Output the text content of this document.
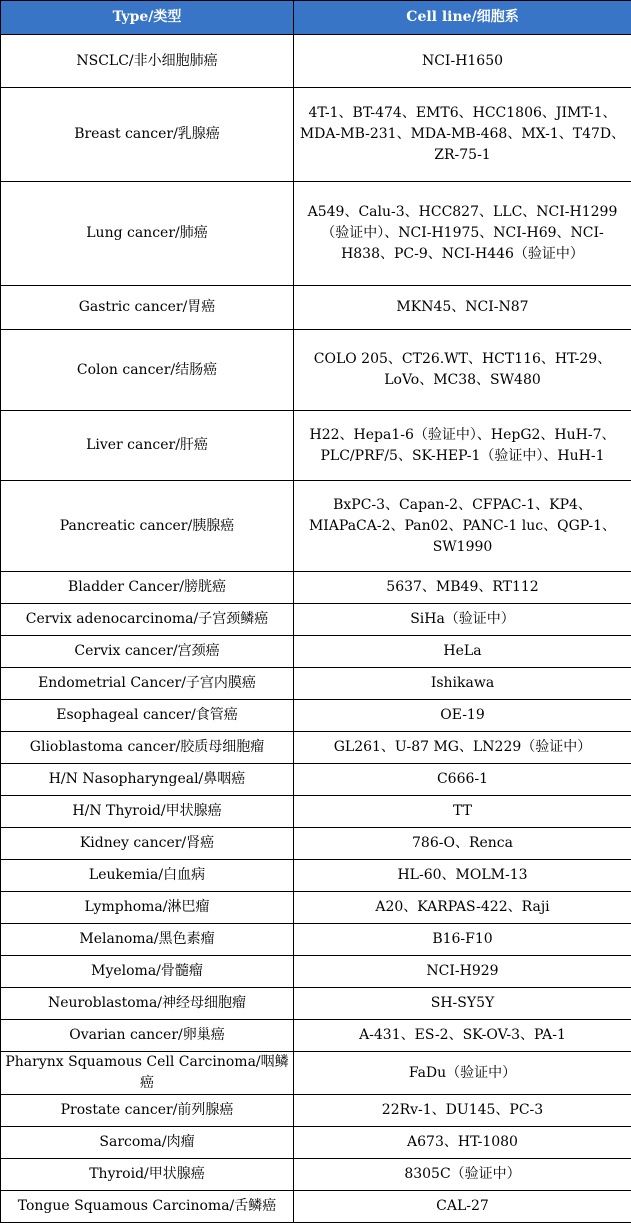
Type/类型	Cell line/细胞系
NSCLC/非小细胞肺癌	NCI-H1650
Breast cancer/乳腺癌	4T-1、BT-474、EMT6、HCC1806、JIMT-1、MDA-MB-231、MDA-MB-468、MX-1、T47D、ZR-75-1
Lung cancer/肺癌	A549、Calu-3、HCC827、LLC、NCI-H1299（验证中）、NCI-H1975、NCI-H69、NCI-H838、PC-9、NCI-H446（验证中）
Gastric cancer/胃癌	MKN45、NCI-N87
Colon cancer/结肠癌	COLO 205、CT26.WT、HCT116、HT-29、LoVo、MC38、SW480
Liver cancer/肝癌	H22、Hepa1-6（验证中）、HepG2、HuH-7、PLC/PRF/5、SK-HEP-1（验证中）、HuH-1
Pancreatic cancer/胰腺癌	BxPC-3、Capan-2、CFPAC-1、KP4、MIAPaCA-2、Pan02、PANC-1 luc、QGP-1、SW1990
Bladder Cancer/膀胱癌	5637、MB49、RT112
Cervix adenocarcinoma/子宫颈鳞癌	SiHa（验证中）
Cervix cancer/宫颈癌	HeLa
Endometrial Cancer/子宫内膜癌	Ishikawa
Esophageal cancer/食管癌	OE-19
Glioblastoma cancer/胶质母细胞瘤	GL261、U-87 MG、LN229（验证中）
H/N Nasopharyngeal/鼻咽癌	C666-1
H/N Thyroid/甲状腺癌	TT
Kidney cancer/肾癌	786-O、Renca
Leukemia/白血病	HL-60、MOLM-13
Lymphoma/淋巴瘤	A20、KARPAS-422、Raji
Melanoma/黑色素瘤	B16-F10
Myeloma/骨髓瘤	NCI-H929
Neuroblastoma/神经母细胞瘤	SH-SY5Y
Ovarian cancer/卵巢癌	A-431、ES-2、SK-OV-3、PA-1
Pharynx Squamous Cell Carcinoma/咽鳞癌	FaDu（验证中）
Prostate cancer/前列腺癌	22Rv-1、DU145、PC-3
Sarcoma/肉瘤	A673、HT-1080
Thyroid/甲状腺癌	8305C（验证中）
Tongue Squamous Carcinoma/舌鳞癌	CAL-27
